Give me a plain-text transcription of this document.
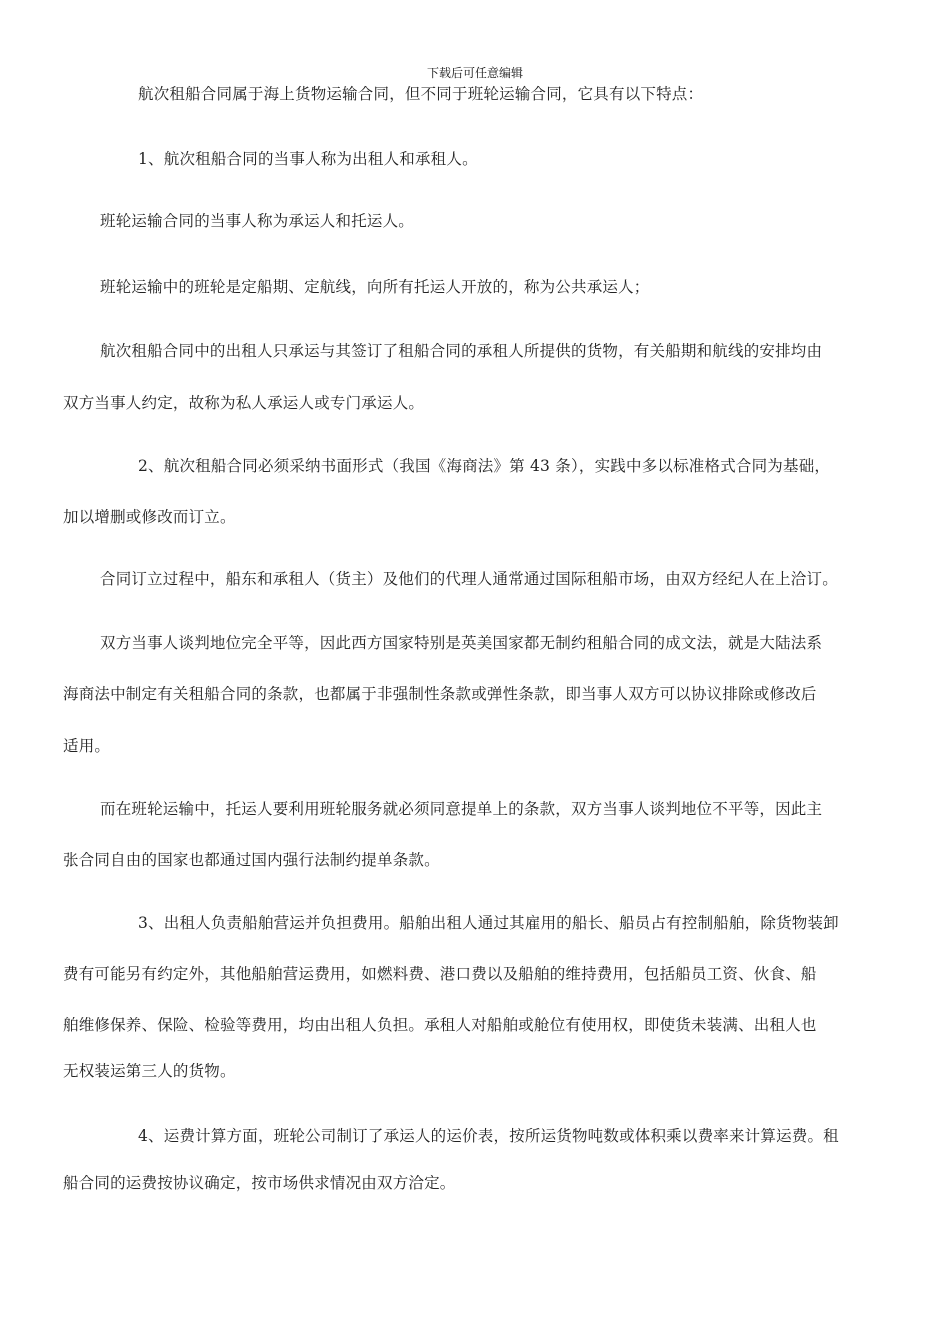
下载后可任意编辑
航次租船合同属于海上货物运输合同，但不同于班轮运输合同，它具有以下特点：
1、航次租船合同的当事人称为出租人和承租人。
班轮运输合同的当事人称为承运人和托运人。
班轮运输中的班轮是定船期、定航线，向所有托运人开放的，称为公共承运人；
航次租船合同中的出租人只承运与其签订了租船合同的承租人所提供的货物，有关船期和航线的安排均由
双方当事人约定，故称为私人承运人或专门承运人。
2、航次租船合同必须采纳书面形式（我国《海商法》第 43 条），实践中多以标准格式合同为基础，
加以增删或修改而订立。
合同订立过程中，船东和承租人（货主）及他们的代理人通常通过国际租船市场，由双方经纪人在上洽订。
双方当事人谈判地位完全平等，因此西方国家特别是英美国家都无制约租船合同的成文法，就是大陆法系
海商法中制定有关租船合同的条款，也都属于非强制性条款或弹性条款，即当事人双方可以协议排除或修改后
适用。
而在班轮运输中，托运人要利用班轮服务就必须同意提单上的条款，双方当事人谈判地位不平等，因此主
张合同自由的国家也都通过国内强行法制约提单条款。
3、出租人负责船舶营运并负担费用。船舶出租人通过其雇用的船长、船员占有控制船舶，除货物装卸
费有可能另有约定外，其他船舶营运费用，如燃料费、港口费以及船舶的维持费用，包括船员工资、伙食、船
舶维修保养、保险、检验等费用，均由出租人负担。承租人对船舶或舱位有使用权，即使货未装满、出租人也
无权装运第三人的货物。
4、运费计算方面，班轮公司制订了承运人的运价表，按所运货物吨数或体积乘以费率来计算运费。租
船合同的运费按协议确定，按市场供求情况由双方洽定。
